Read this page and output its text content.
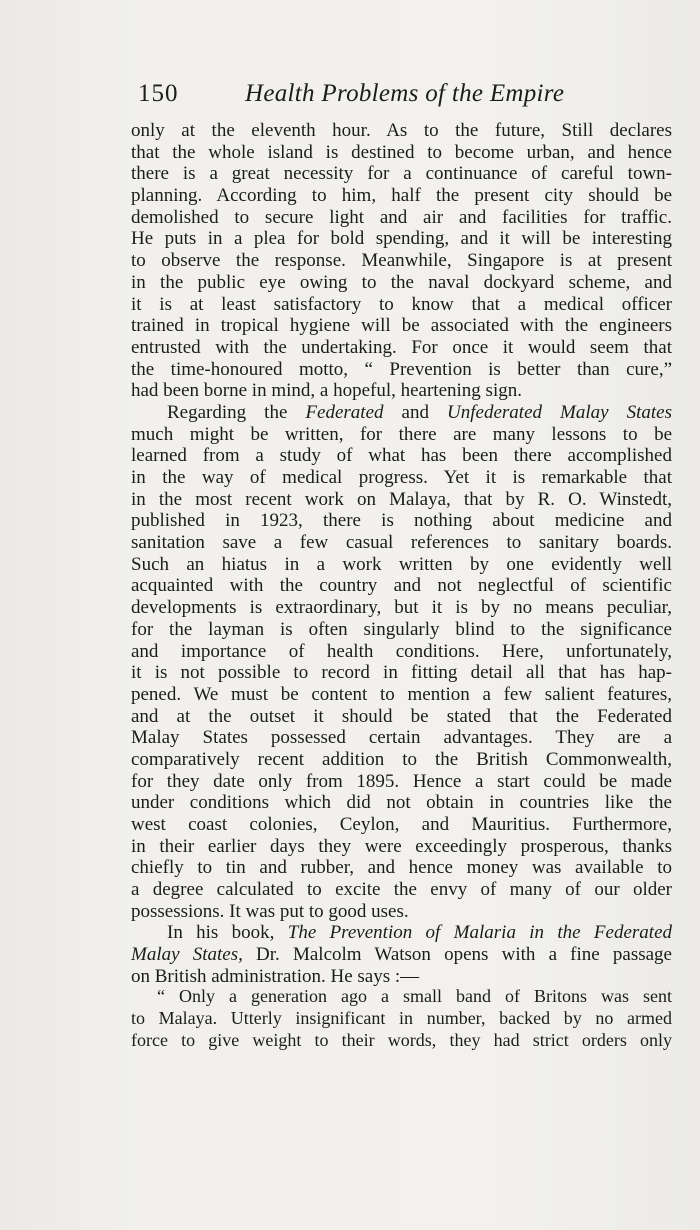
150	Health Problems of the Empire
only at the eleventh hour. As to the future, Still declares
that the whole island is destined to become urban, and hence
there is a great necessity for a continuance of careful town-
planning. According to him, half the present city should be
demolished to secure light and air and facilities for traffic.
He puts in a plea for bold spending, and it will be interesting
to observe the response. Meanwhile, Singapore is at present
in the public eye owing to the naval dockyard scheme, and
it is at least satisfactory to know that a medical officer
trained in tropical hygiene will be associated with the engineers
entrusted with the undertaking. For once it would seem that
the time-honoured motto, “ Prevention is better than cure,”
had been borne in mind, a hopeful, heartening sign.
Regarding the Federated and Unfederated Malay States
much might be written, for there are many lessons to be
learned from a study of what has been there accomplished
in the way of medical progress. Yet it is remarkable that
in the most recent work on Malaya, that by R. O. Winstedt,
published in 1923, there is nothing about medicine and
sanitation save a few casual references to sanitary boards.
Such an hiatus in a work written by one evidently well
acquainted with the country and not neglectful of scientific
developments is extraordinary, but it is by no means peculiar,
for the layman is often singularly blind to the significance
and importance of health conditions. Here, unfortunately,
it is not possible to record in fitting detail all that has hap-
pened. We must be content to mention a few salient features,
and at the outset it should be stated that the Federated
Malay States possessed certain advantages. They are a
comparatively recent addition to the British Commonwealth,
for they date only from 1895. Hence a start could be made
under conditions which did not obtain in countries like the
west coast colonies, Ceylon, and Mauritius. Furthermore,
in their earlier days they were exceedingly prosperous, thanks
chiefly to tin and rubber, and hence money was available to
a degree calculated to excite the envy of many of our older
possessions. It was put to good uses.
In his book, The Prevention of Malaria in the Federated
Malay States, Dr. Malcolm Watson opens with a fine passage
on British administration. He says :—
“ Only a generation ago a small band of Britons was sent
to Malaya. Utterly insignificant in number, backed by no armed
force to give weight to their words, they had strict orders only
